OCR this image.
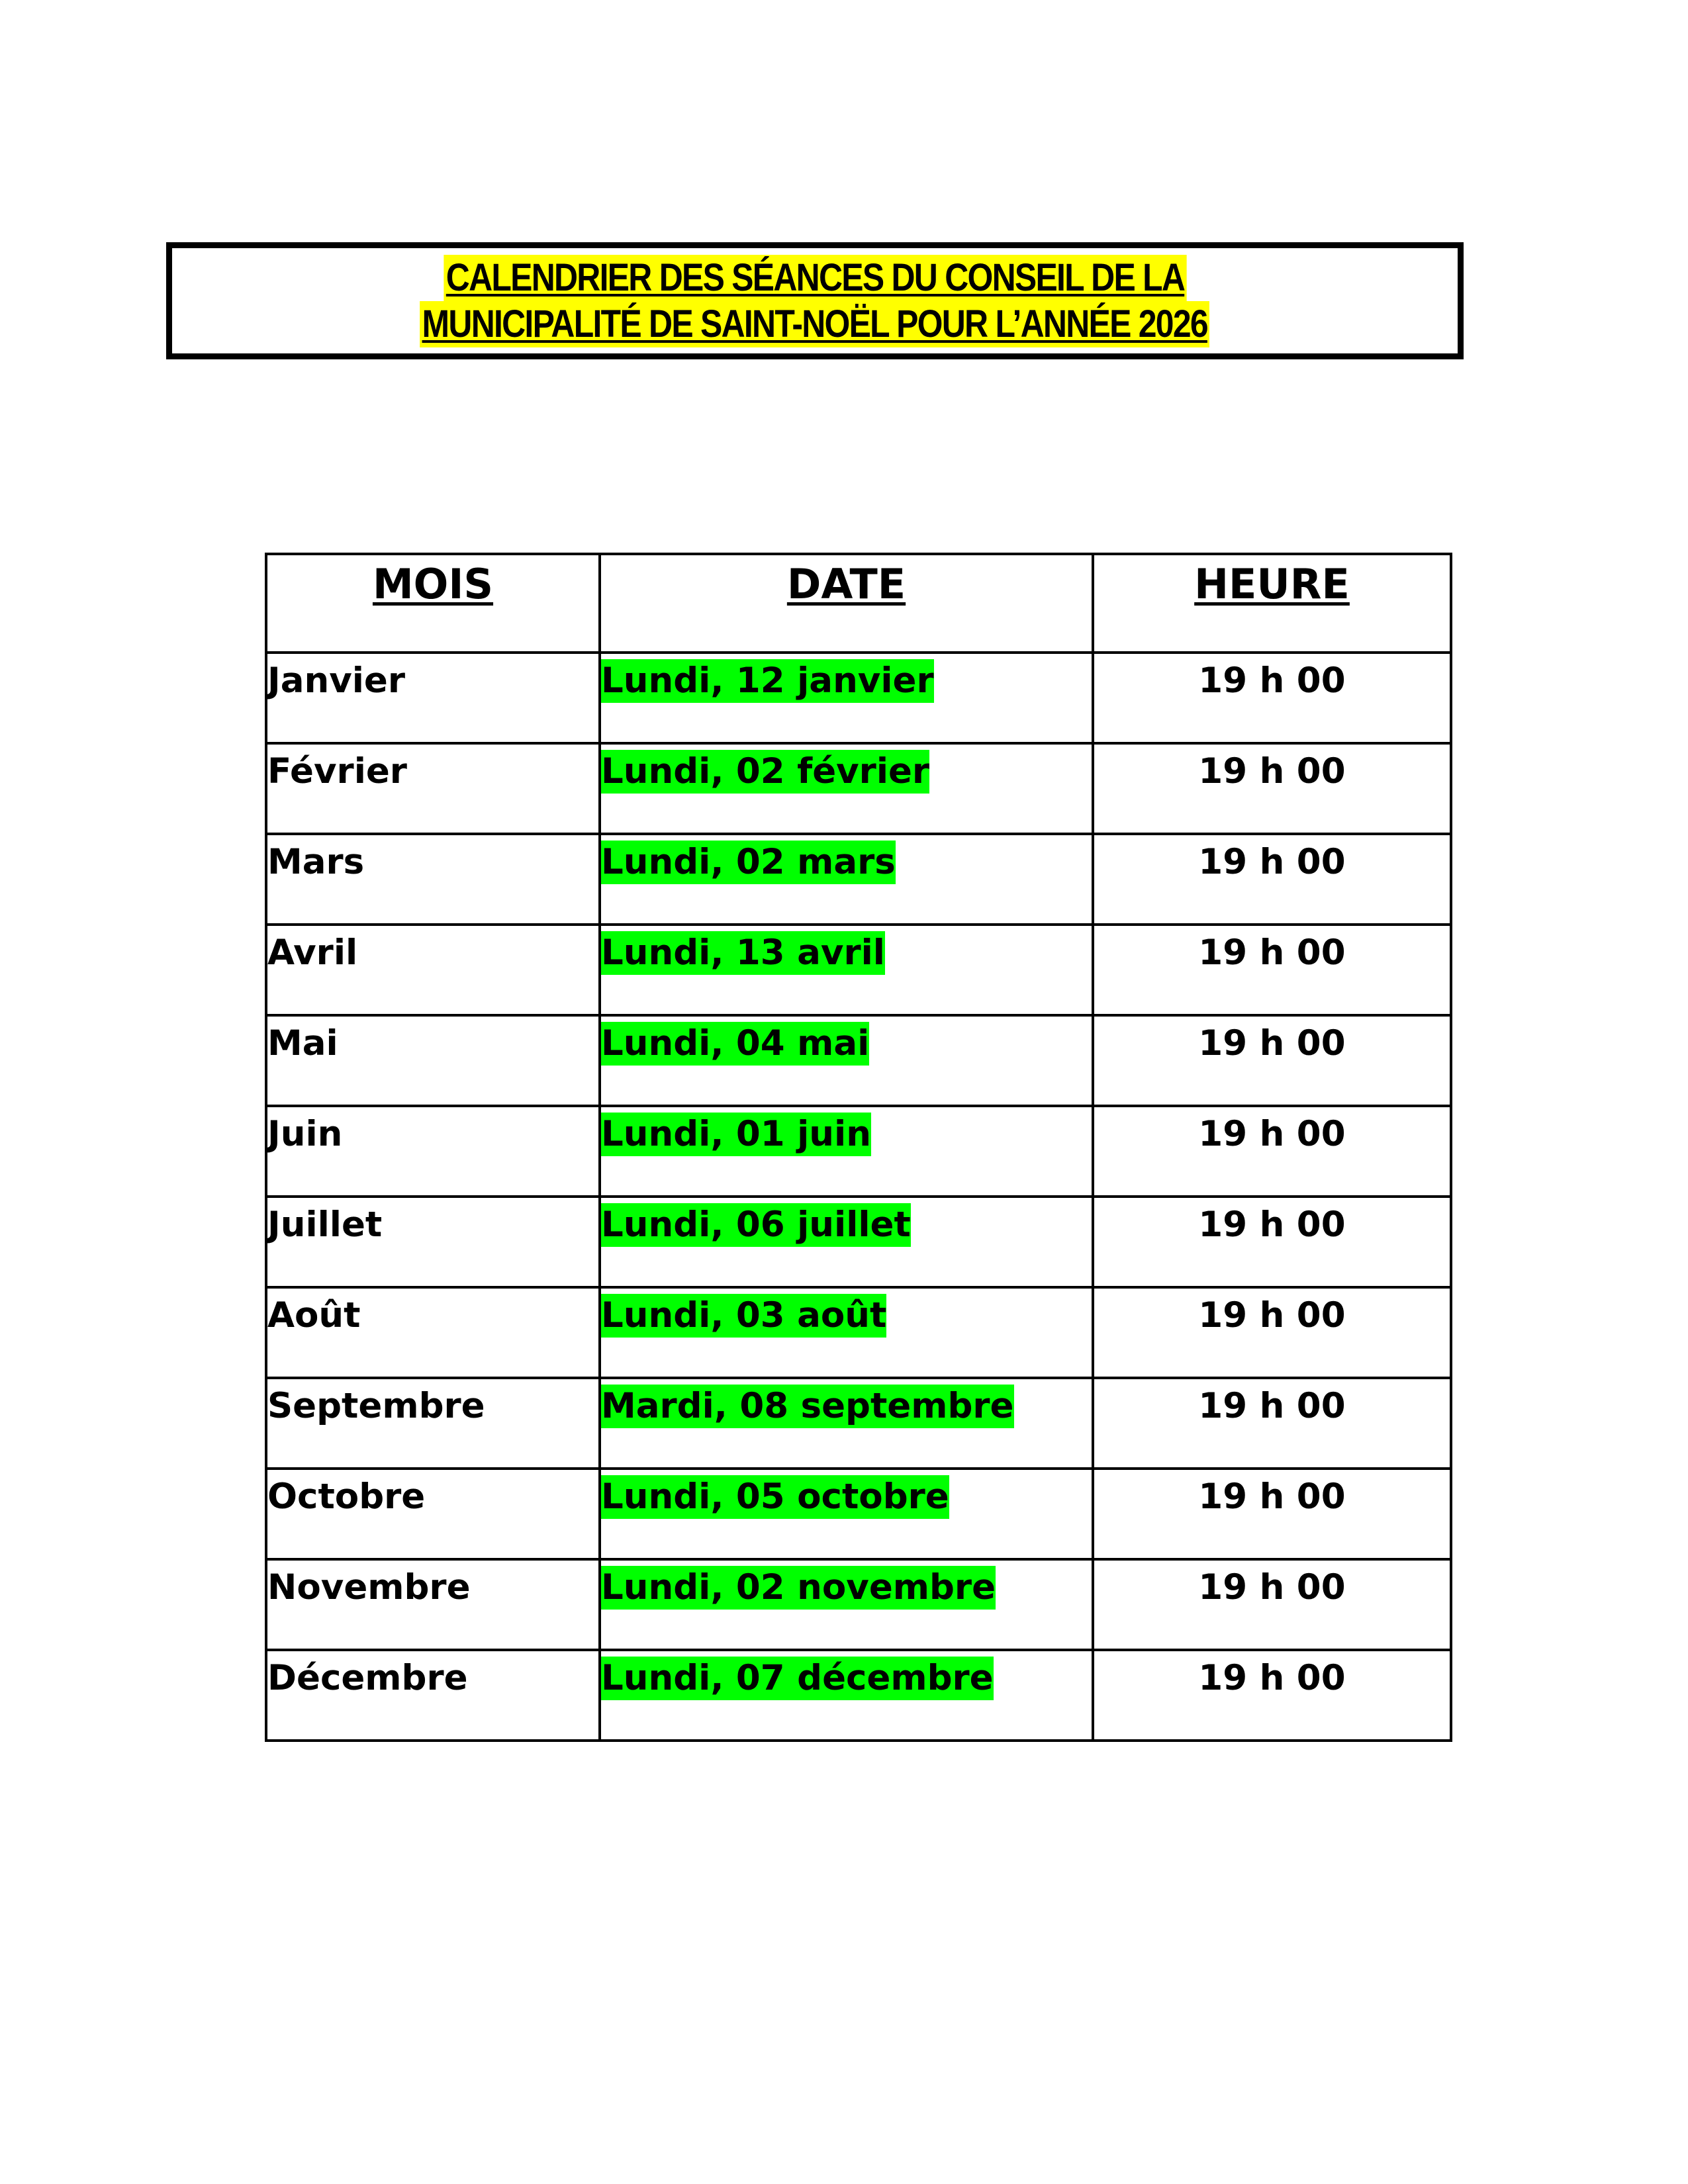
CALENDRIER DES SÉANCES DU CONSEIL DE LA
MUNICIPALITÉ DE SAINT-NOËL POUR L’ANNÉE 2026
MOIS	DATE	HEURE
Janvier	Lundi, 12 janvier	19 h 00
Février	Lundi, 02 février	19 h 00
Mars	Lundi, 02 mars	19 h 00
Avril	Lundi, 13 avril	19 h 00
Mai	Lundi, 04 mai	19 h 00
Juin	Lundi, 01 juin	19 h 00
Juillet	Lundi, 06 juillet	19 h 00
Août	Lundi, 03 août	19 h 00
Septembre	Mardi, 08 septembre	19 h 00
Octobre	Lundi, 05 octobre	19 h 00
Novembre	Lundi, 02 novembre	19 h 00
Décembre	Lundi, 07 décembre	19 h 00
